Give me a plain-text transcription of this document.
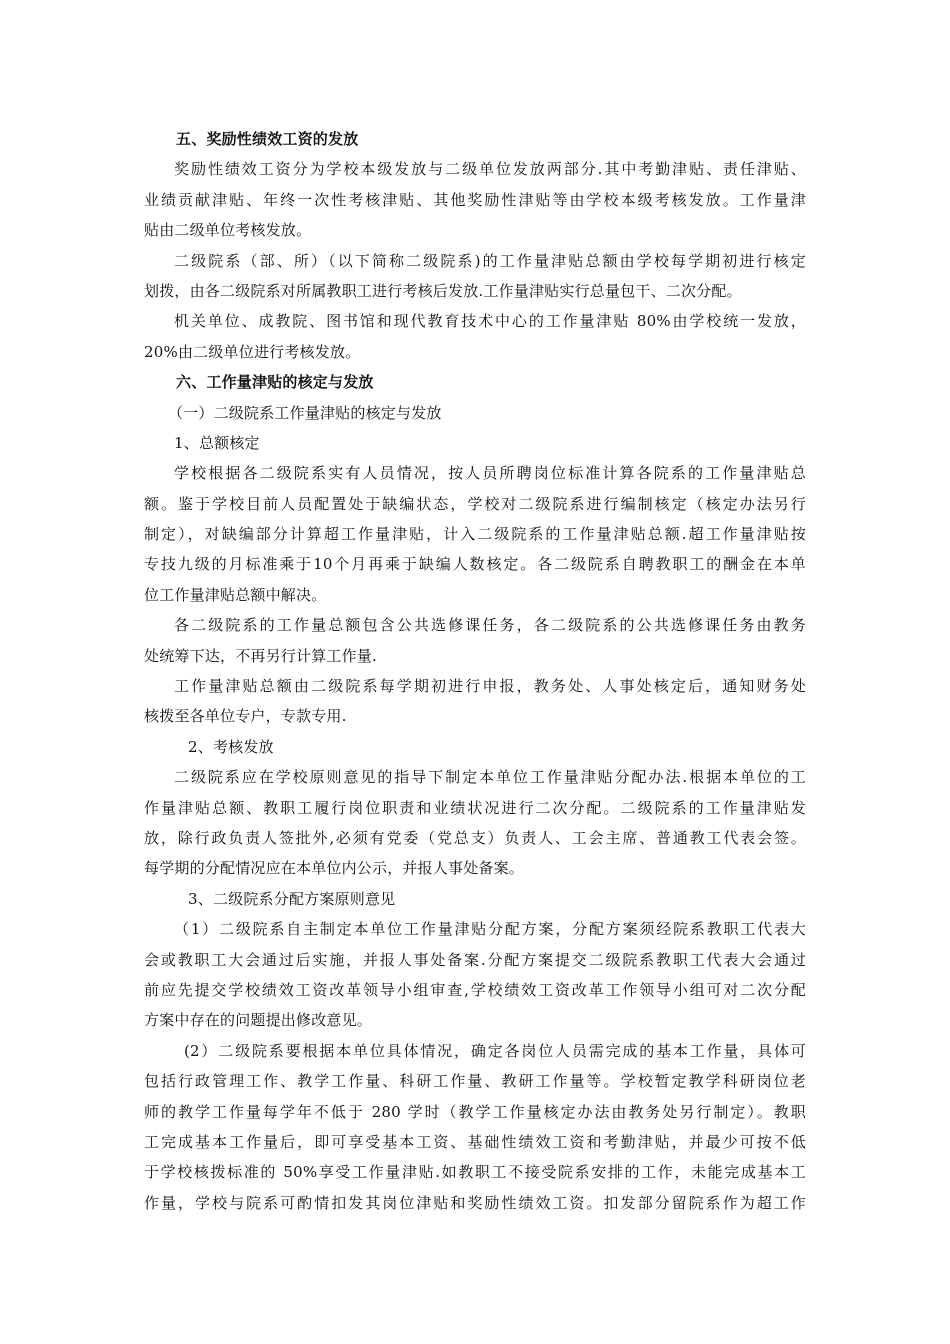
五、奖励性绩效工资的发放
奖励性绩效工资分为学校本级发放与二级单位发放两部分.其中考勤津贴、责任津贴、
业绩贡献津贴、年终一次性考核津贴、其他奖励性津贴等由学校本级考核发放。工作量津
贴由二级单位考核发放。
二级院系（部、所）（以下简称二级院系)的工作量津贴总额由学校每学期初进行核定
划拨，由各二级院系对所属教职工进行考核后发放.工作量津贴实行总量包干、二次分配。
机关单位、成教院、图书馆和现代教育技术中心的工作量津贴 80%由学校统一发放，
20%由二级单位进行考核发放。
六、工作量津贴的核定与发放
（一）二级院系工作量津贴的核定与发放
1、总额核定
学校根据各二级院系实有人员情况，按人员所聘岗位标准计算各院系的工作量津贴总
额。鉴于学校目前人员配置处于缺编状态，学校对二级院系进行编制核定（核定办法另行
制定），对缺编部分计算超工作量津贴，计入二级院系的工作量津贴总额.超工作量津贴按
专技九级的月标准乘于10个月再乘于缺编人数核定。各二级院系自聘教职工的酬金在本单
位工作量津贴总额中解决。
各二级院系的工作量总额包含公共选修课任务，各二级院系的公共选修课任务由教务
处统筹下达，不再另行计算工作量.
工作量津贴总额由二级院系每学期初进行申报，教务处、人事处核定后，通知财务处
核拨至各单位专户，专款专用.
2、考核发放
二级院系应在学校原则意见的指导下制定本单位工作量津贴分配办法.根据本单位的工
作量津贴总额、教职工履行岗位职责和业绩状况进行二次分配。二级院系的工作量津贴发
放，除行政负责人签批外,必须有党委（党总支）负责人、工会主席、普通教工代表会签。
每学期的分配情况应在本单位内公示，并报人事处备案。
3、二级院系分配方案原则意见
（1）二级院系自主制定本单位工作量津贴分配方案，分配方案须经院系教职工代表大
会或教职工大会通过后实施，并报人事处备案.分配方案提交二级院系教职工代表大会通过
前应先提交学校绩效工资改革领导小组审查,学校绩效工资改革工作领导小组可对二次分配
方案中存在的问题提出修改意见。
(2）二级院系要根据本单位具体情况，确定各岗位人员需完成的基本工作量，具体可
包括行政管理工作、教学工作量、科研工作量、教研工作量等。学校暂定教学科研岗位老
师的教学工作量每学年不低于 280 学时（教学工作量核定办法由教务处另行制定）。教职
工完成基本工作量后，即可享受基本工资、基础性绩效工资和考勤津贴，并最少可按不低
于学校核拨标准的 50%享受工作量津贴.如教职工不接受院系安排的工作，未能完成基本工
作量，学校与院系可酌情扣发其岗位津贴和奖励性绩效工资。扣发部分留院系作为超工作
